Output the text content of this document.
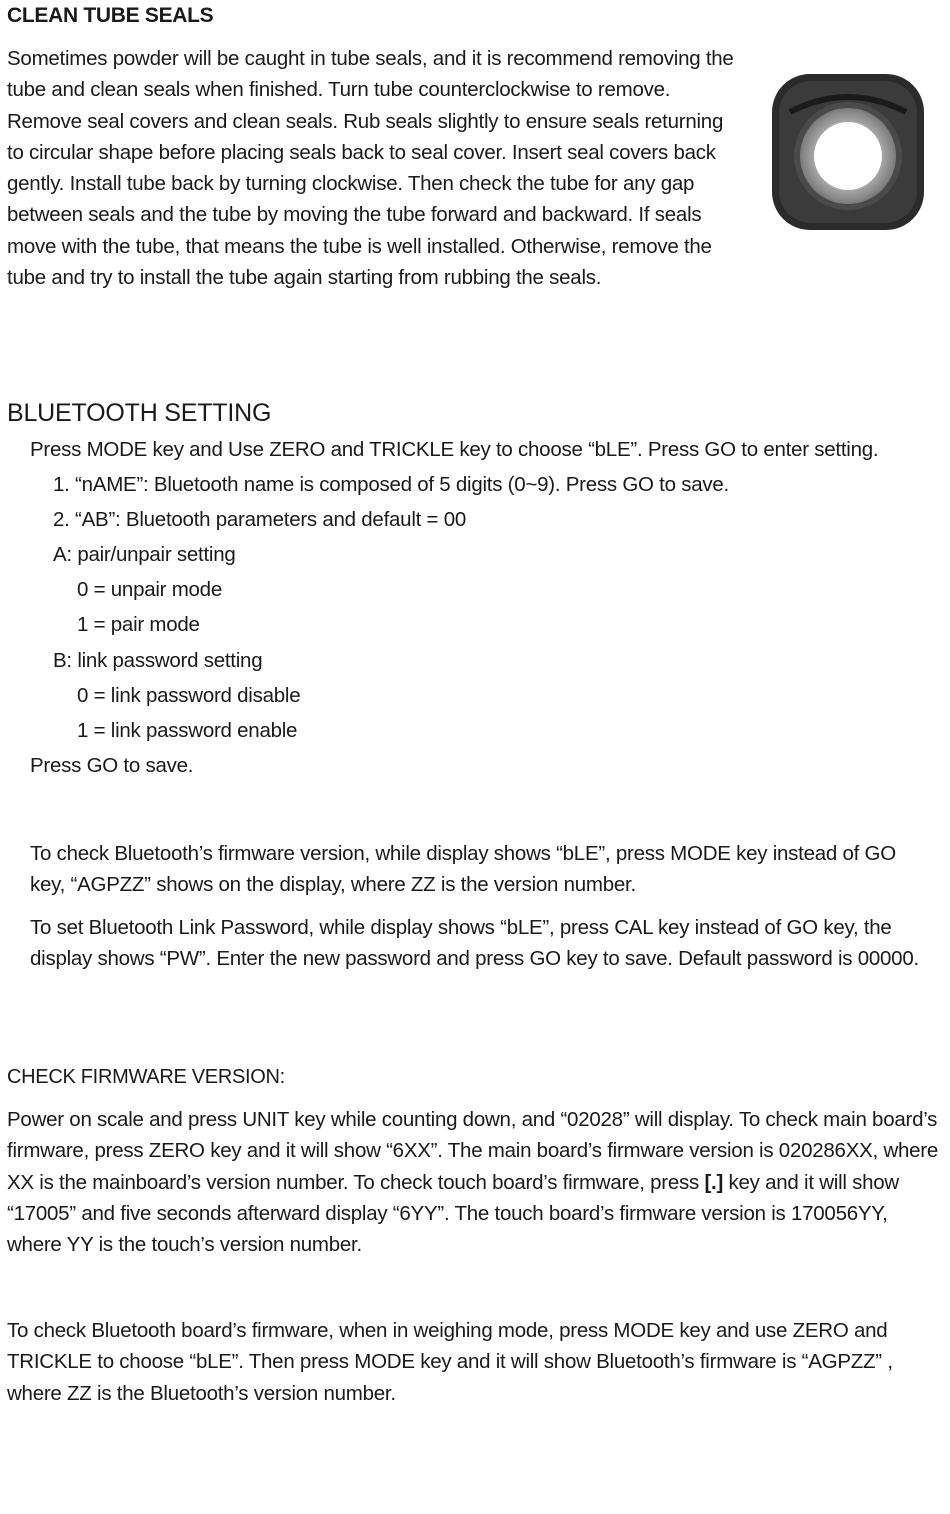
CLEAN TUBE SEALS

Sometimes powder will be caught in tube seals, and it is recommend removing the tube and clean seals when finished. Turn tube counterclockwise to remove. Remove seal covers and clean seals. Rub seals slightly to ensure seals returning to circular shape before placing seals back to seal cover. Insert seal covers back gently. Install tube back by turning clockwise. Then check the tube for any gap between seals and the tube by moving the tube forward and backward. If seals move with the tube, that means the tube is well installed. Otherwise, remove the tube and try to install the tube again starting from rubbing the seals.

BLUETOOTH SETTING
Press MODE key and Use ZERO and TRICKLE key to choose “bLE”. Press GO to enter setting.
1. “nAME”: Bluetooth name is composed of 5 digits (0~9). Press GO to save.
2. “AB”: Bluetooth parameters and default = 00
A: pair/unpair setting
0 = unpair mode
1 = pair mode
B: link password setting
0 = link password disable
1 = link password enable
Press GO to save.

To check Bluetooth’s firmware version, while display shows “bLE”, press MODE key instead of GO key, “AGPZZ” shows on the display, where ZZ is the version number.

To set Bluetooth Link Password, while display shows “bLE”, press CAL key instead of GO key, the display shows “PW”. Enter the new password and press GO key to save. Default password is 00000.

CHECK FIRMWARE VERSION:

Power on scale and press UNIT key while counting down, and “02028” will display. To check main board’s firmware, press ZERO key and it will show “6XX”. The main board’s firmware version is 020286XX, where XX is the mainboard’s version number. To check touch board’s firmware, press [.] key and it will show “17005” and five seconds afterward display “6YY”. The touch board’s firmware version is 170056YY, where YY is the touch’s version number.

To check Bluetooth board’s firmware, when in weighing mode, press MODE key and use ZERO and TRICKLE to choose “bLE”. Then press MODE key and it will show Bluetooth’s firmware is “AGPZZ” , where ZZ is the Bluetooth’s version number.
